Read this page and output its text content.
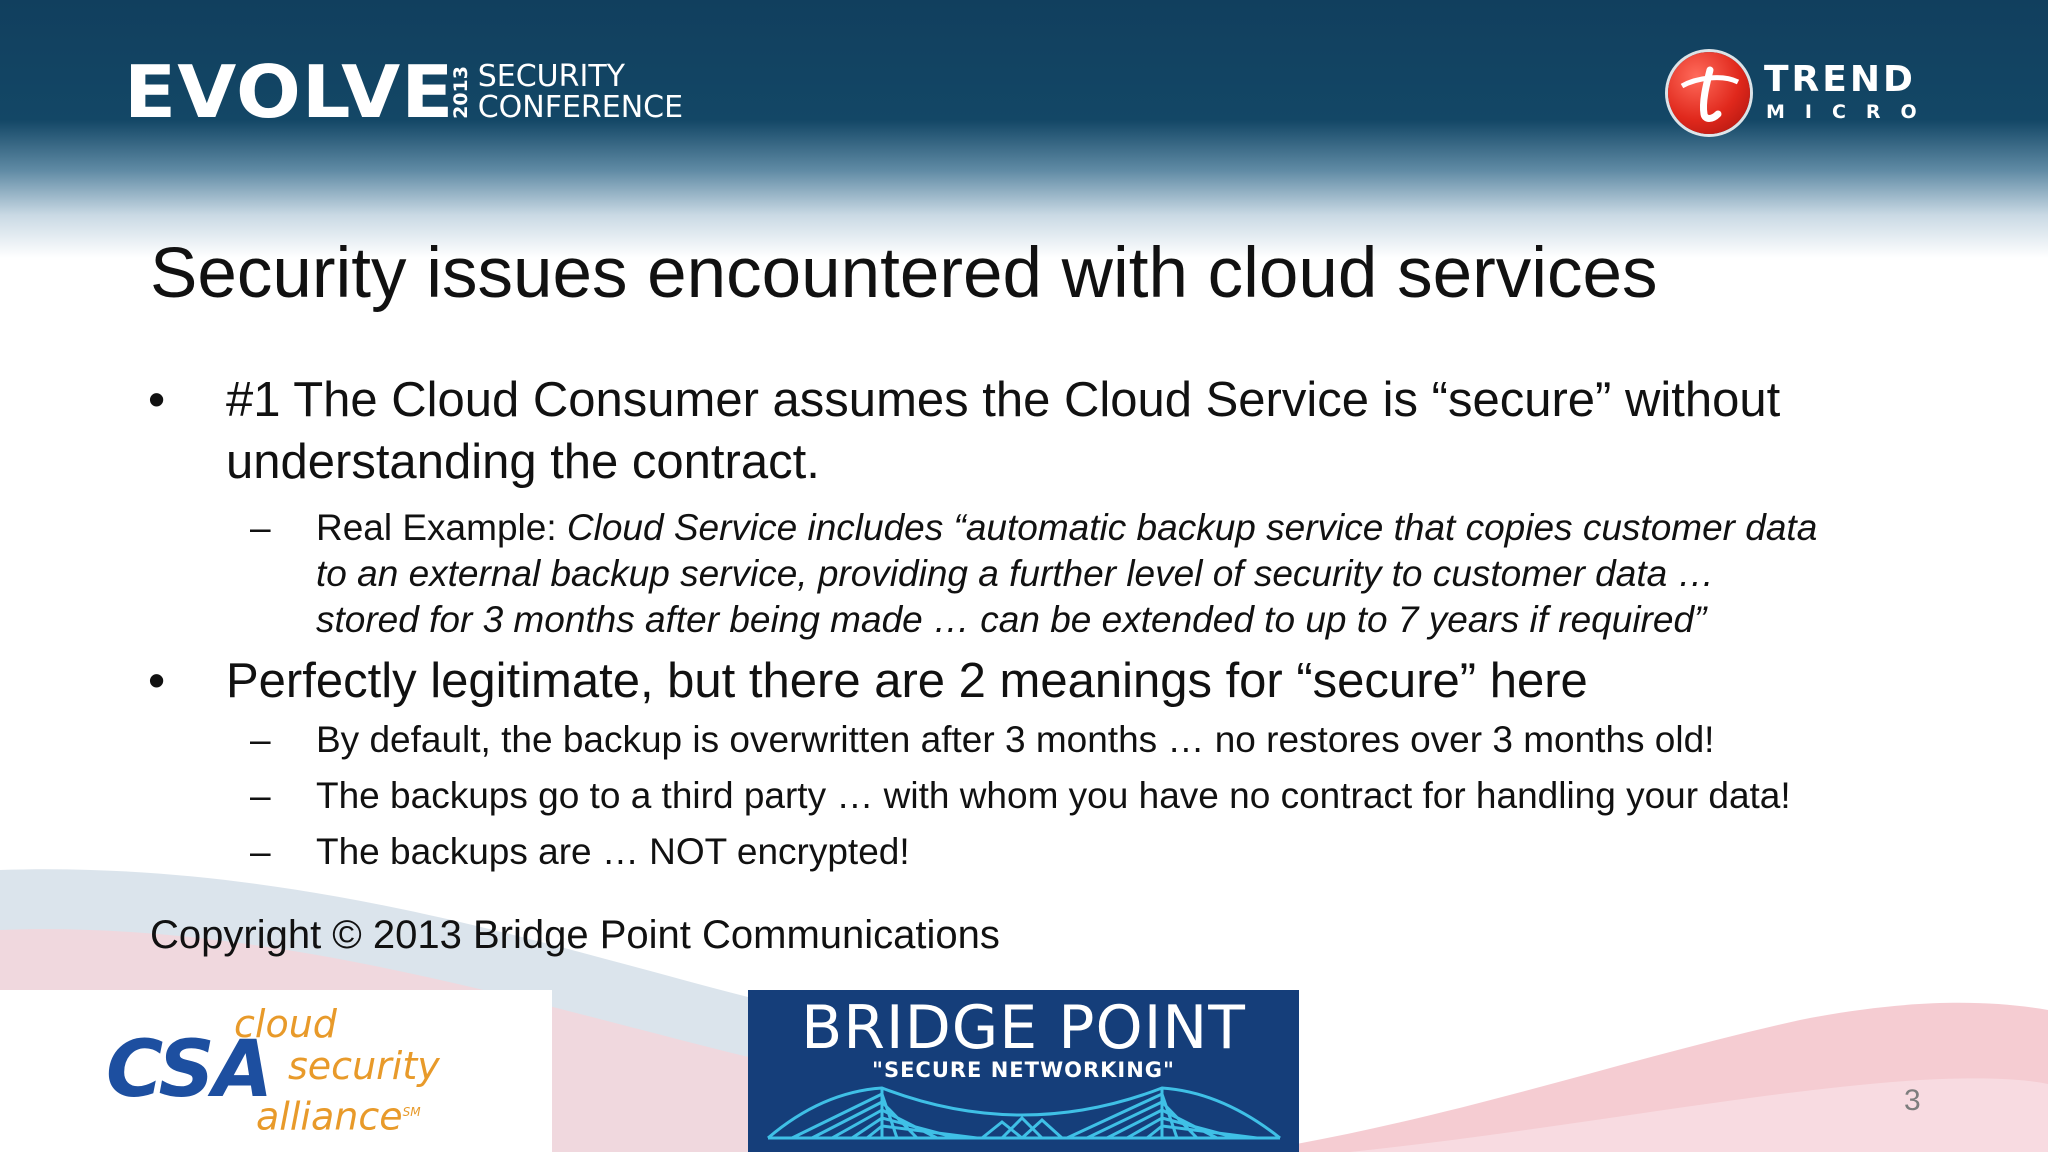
EVOLVE
2013 SECURITY
CONFERENCE
TREND
MICRO
Security issues encountered with cloud services
• #1 The Cloud Consumer assumes the Cloud Service is “secure” without
understanding the contract.
– Real Example: Cloud Service includes “automatic backup service that copies customer data
to an external backup service, providing a further level of security to customer data …
stored for 3 months after being made … can be extended to up to 7 years if required”
• Perfectly legitimate, but there are 2 meanings for “secure” here
– By default, the backup is overwritten after 3 months … no restores over 3 months old!
– The backups go to a third party … with whom you have no contract for handling your data!
– The backups are … NOT encrypted!
Copyright © 2013 Bridge Point Communications
CSA
cloud
security
alliance℠
BRIDGE POINT
"SECURE NETWORKING"
3
